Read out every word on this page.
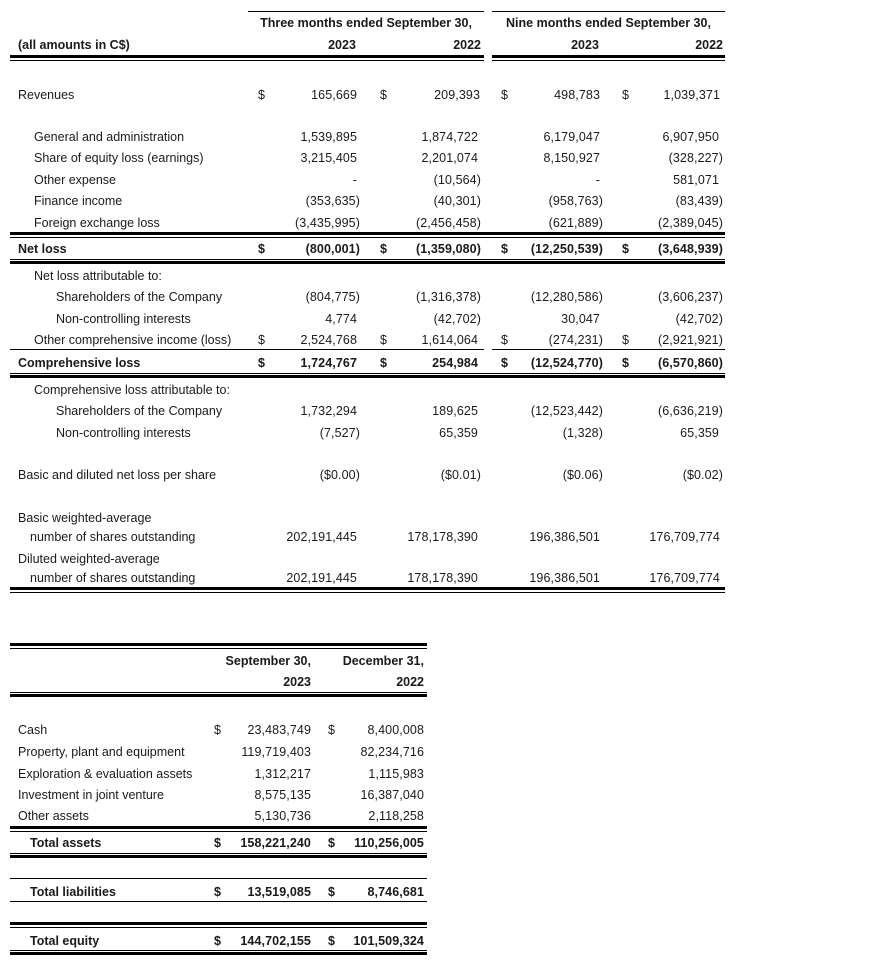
Three months ended September 30,	Nine months ended September 30,
(all amounts in C$)	2023	2022	2023	2022
Revenues	$	165,669 $	209,393 $	498,783 $	1,039,371
General and administration	1,539,895	1,874,722	6,179,047	6,907,950
Share of equity loss (earnings)	3,215,405	2,201,074	8,150,927	(328,227)
Other expense	-	(10,564)	-	581,071
Finance income	(353,635)	(40,301)	(958,763)	(83,439)
Foreign exchange loss	(3,435,995)	(2,456,458)	(621,889)	(2,389,045)
Net loss	$	(800,001) $	(1,359,080) $	(12,250,539) $	(3,648,939)
Net loss attributable to:
Shareholders of the Company	(804,775)	(1,316,378)	(12,280,586)	(3,606,237)
Non-controlling interests	4,774	(42,702)	30,047	(42,702)
Other comprehensive income (loss) $	2,524,768 $	1,614,064 $	(274,231) $	(2,921,921)
Comprehensive loss	$	1,724,767 $	254,984 $	(12,524,770) $	(6,570,860)
Comprehensive loss attributable to:
Shareholders of the Company	1,732,294	189,625	(12,523,442)	(6,636,219)
Non-controlling interests	(7,527)	65,359	(1,328)	65,359
Basic and diluted net loss per share	($0.00)	($0.01)	($0.06)	($0.02)
Basic weighted-average
number of shares outstanding	202,191,445	178,178,390	196,386,501	176,709,774
Diluted weighted-average
number of shares outstanding	202,191,445	178,178,390	196,386,501	176,709,774
September 30,	December 31,
2023	2022
Cash	$	23,483,749 $	8,400,008
Property, plant and equipment	119,719,403	82,234,716
Exploration & evaluation assets	1,312,217	1,115,983
Investment in joint venture	8,575,135	16,387,040
Other assets	5,130,736	2,118,258
Total assets	$	158,221,240 $	110,256,005
Total liabilities	$	13,519,085 $	8,746,681
Total equity	$	144,702,155 $	101,509,324
